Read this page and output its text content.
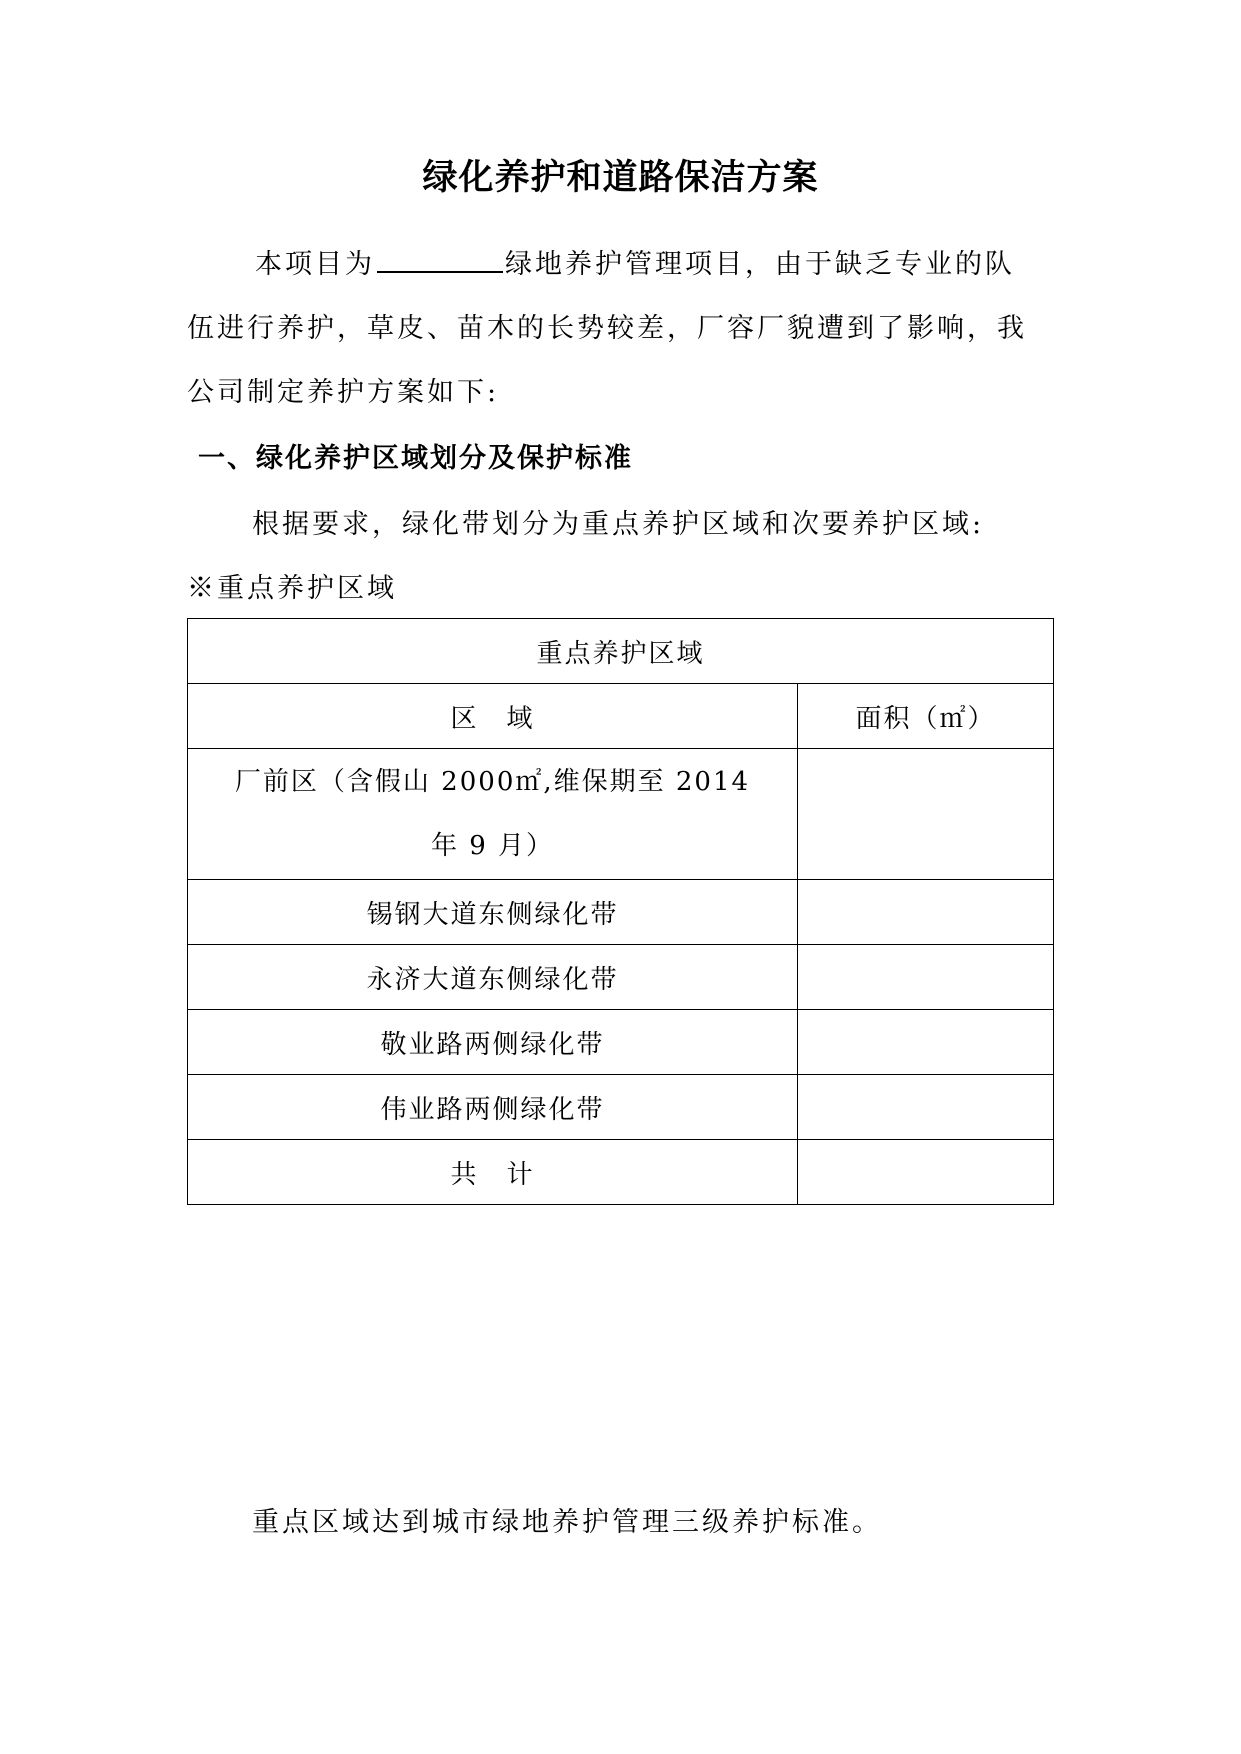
绿化养护和道路保洁方案
本项目为	绿地养护管理项目，由于缺乏专业的队
伍进行养护，草皮、苗木的长势较差，厂容厂貌遭到了影响，我
公司制定养护方案如下:
一、绿化养护区域划分及保护标准
根据要求，绿化带划分为重点养护区域和次要养护区域:
※重点养护区域
重点养护区域	
区　域	面积（㎡）

厂前区（含假山 2000㎡,维保期至 2014
年 9 月）	

锡钢大道东侧绿化带	
永济大道东侧绿化带	
敬业路两侧绿化带	
伟业路两侧绿化带	
共　计	
重点区域达到城市绿地养护管理三级养护标准。
